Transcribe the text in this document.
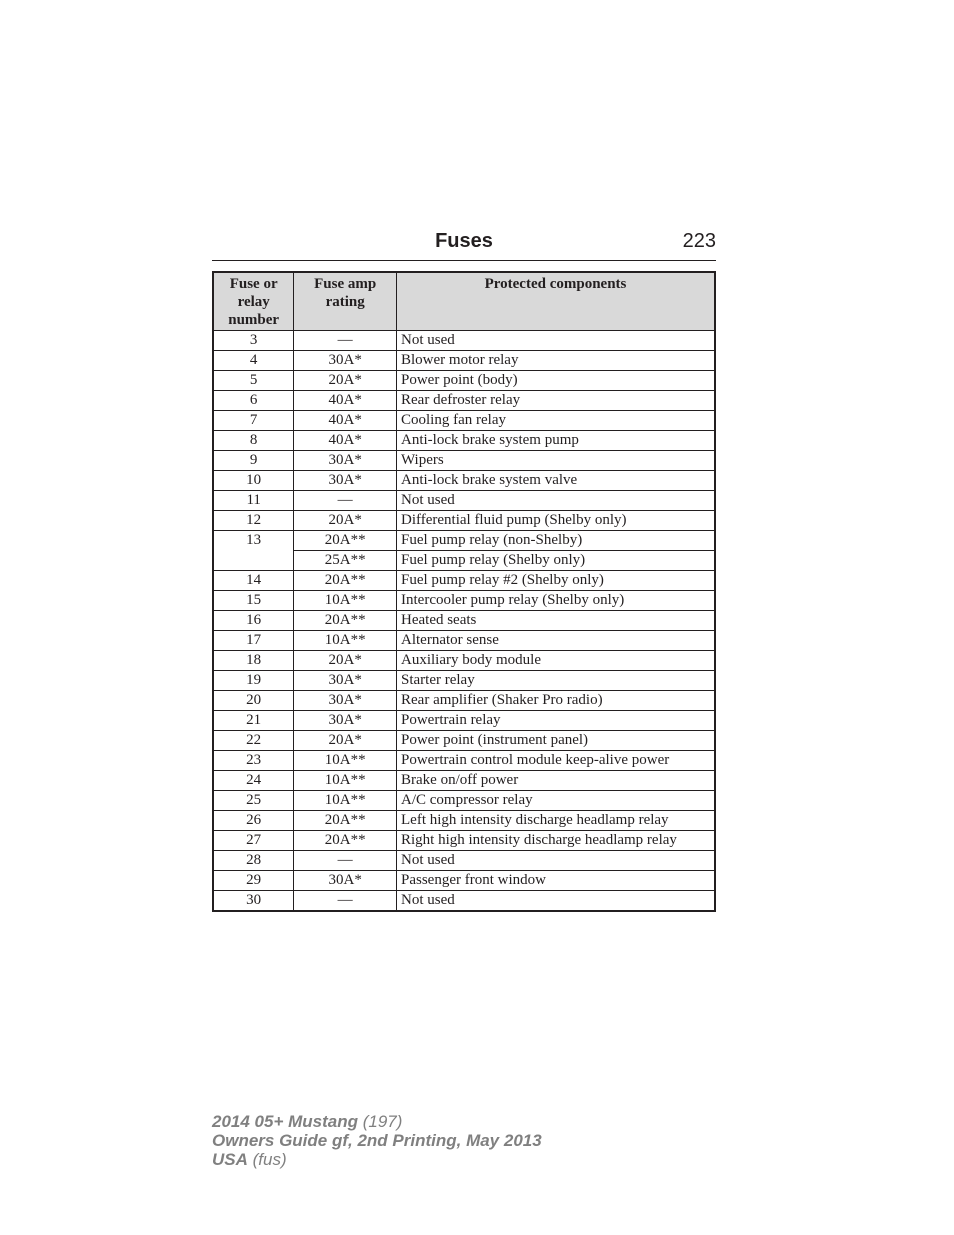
Fuses	223
Fuse or relay number	Fuse amp rating	Protected components
3	—	Not used
4	30A*	Blower motor relay
5	20A*	Power point (body)
6	40A*	Rear defroster relay
7	40A*	Cooling fan relay
8	40A*	Anti-lock brake system pump
9	30A*	Wipers
10	30A*	Anti-lock brake system valve
11	—	Not used
12	20A*	Differential fluid pump (Shelby only)
13	20A**	Fuel pump relay (non-Shelby)
	25A**	Fuel pump relay (Shelby only)
14	20A**	Fuel pump relay #2 (Shelby only)
15	10A**	Intercooler pump relay (Shelby only)
16	20A**	Heated seats
17	10A**	Alternator sense
18	20A*	Auxiliary body module
19	30A*	Starter relay
20	30A*	Rear amplifier (Shaker Pro radio)
21	30A*	Powertrain relay
22	20A*	Power point (instrument panel)
23	10A**	Powertrain control module keep-alive power
24	10A**	Brake on/off power
25	10A**	A/C compressor relay
26	20A**	Left high intensity discharge headlamp relay
27	20A**	Right high intensity discharge headlamp relay
28	—	Not used
29	30A*	Passenger front window
30	—	Not used
2014 05+ Mustang (197)
Owners Guide gf, 2nd Printing, May 2013
USA (fus)
